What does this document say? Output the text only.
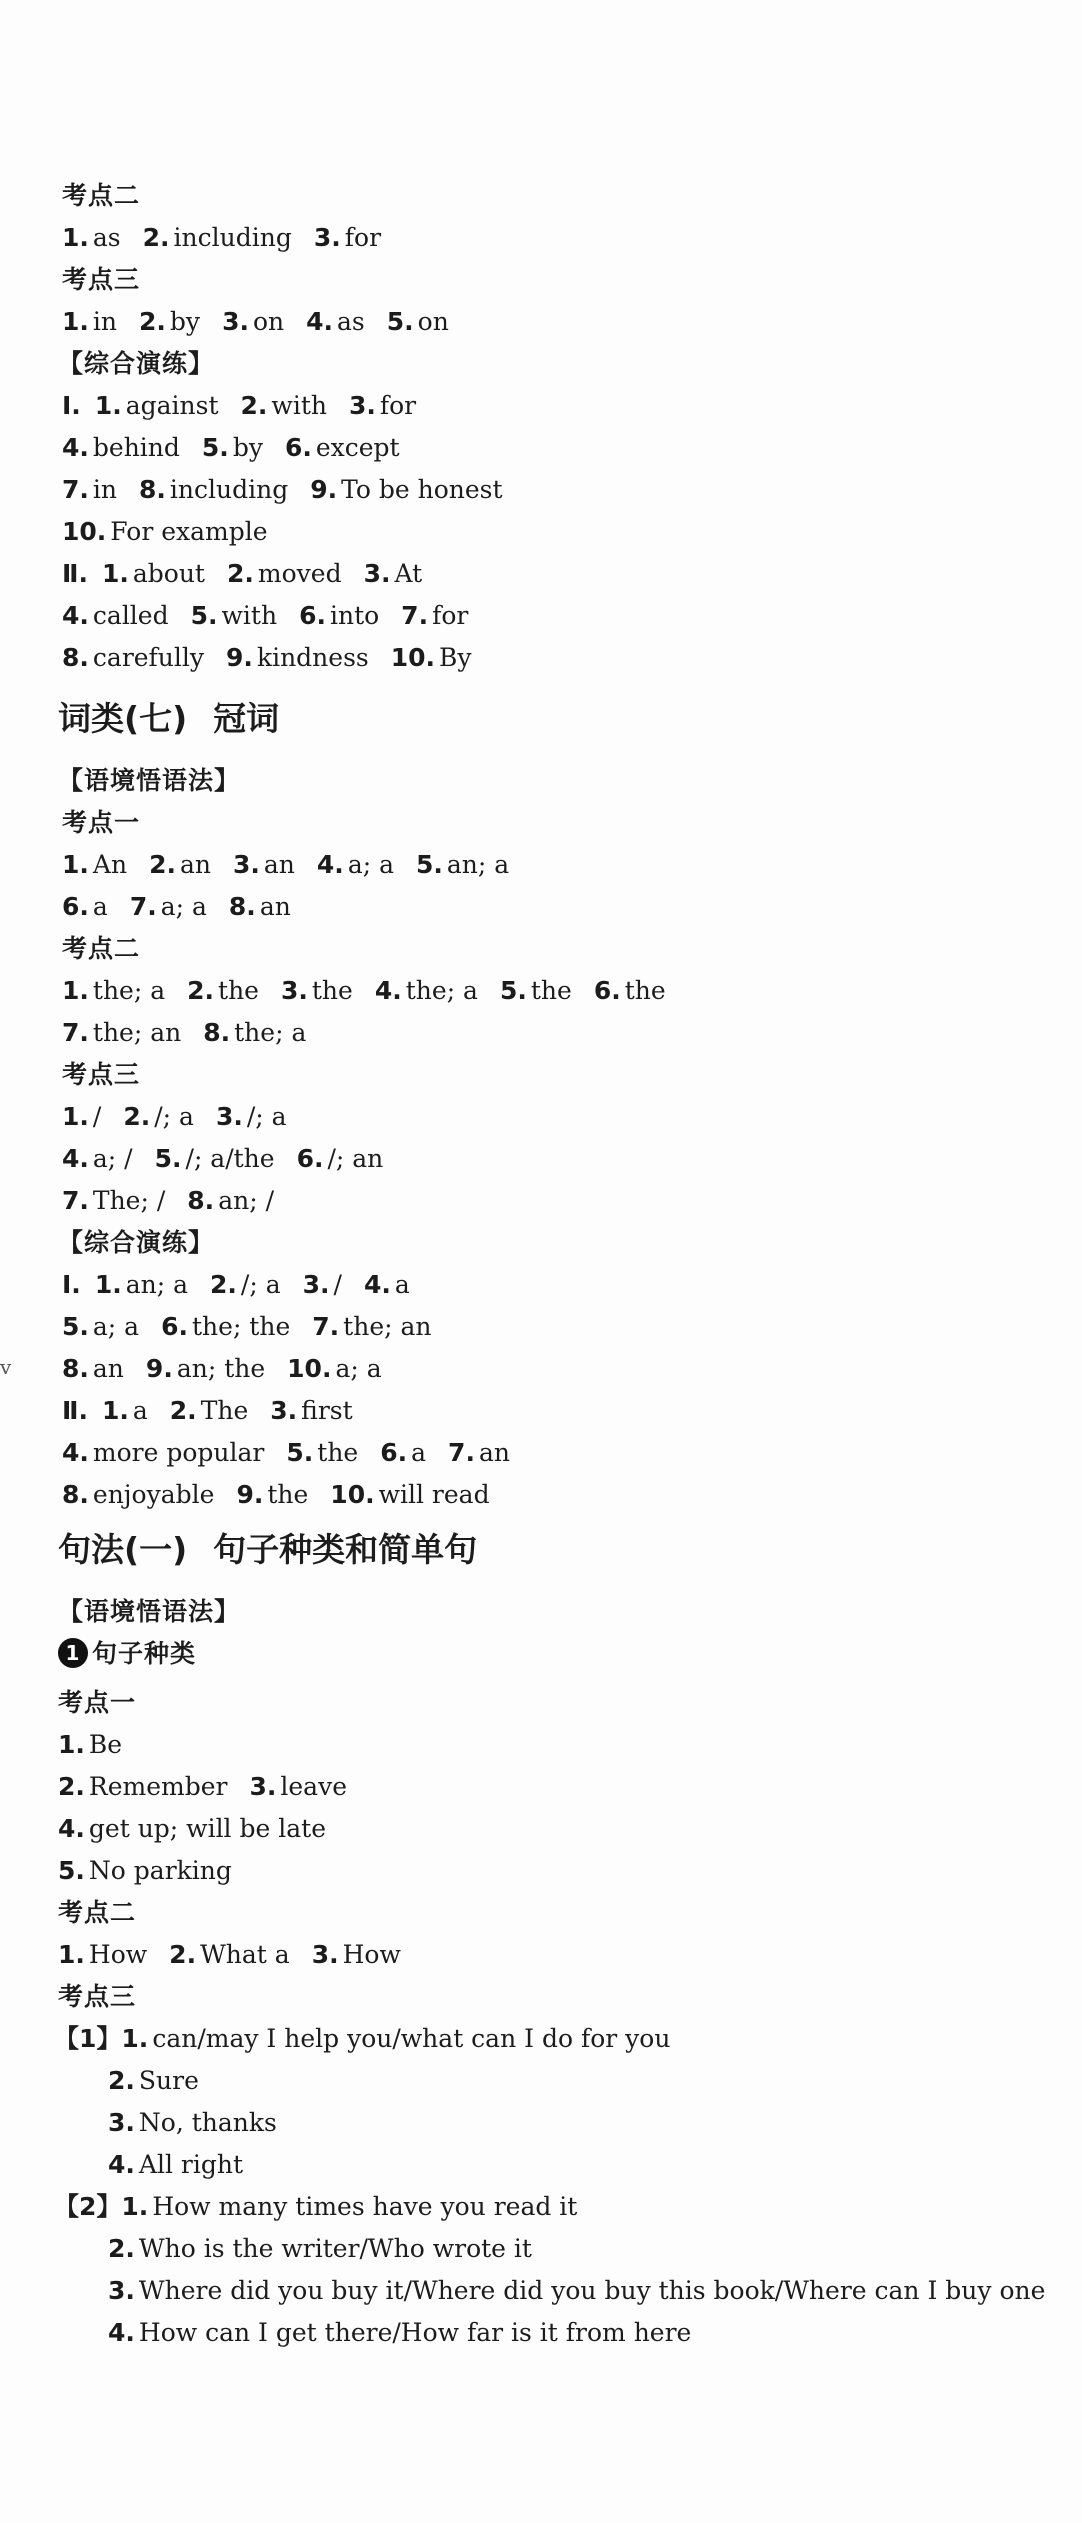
v
词类(七) 冠词
句法(一) 句子种类和简单句
考点二
1. as 2. including 3. for
考点三
1. in 2. by 3. on 4. as 5. on
【综合演练】
Ⅰ. 1. against 2. with 3. for
4. behind 5. by 6. except
7. in 8. including 9. To be honest
10. For example
Ⅱ. 1. about 2. moved 3. At
4. called 5. with 6. into 7. for
8. carefully 9. kindness 10. By
【语境悟语法】
考点一
1. An 2. an 3. an 4. a; a 5. an; a
6. a 7. a; a 8. an
考点二
1. the; a 2. the 3. the 4. the; a 5. the 6. the
7. the; an 8. the; a
考点三
1. / 2. /; a 3. /; a
4. a; / 5. /; a/the 6. /; an
7. The; / 8. an; /
【综合演练】
Ⅰ. 1. an; a 2. /; a 3. / 4. a
5. a; a 6. the; the 7. the; an
8. an 9. an; the 10. a; a
Ⅱ. 1. a 2. The 3. first
4. more popular 5. the 6. a 7. an
8. enjoyable 9. the 10. will read
【语境悟语法】
1 句子种类
考点一
1. Be
2. Remember 3. leave
4. get up; will be late
5. No parking
考点二
1. How 2. What a 3. How
考点三
【1】1. can/may I help you/what can I do for you
2. Sure
3. No, thanks
4. All right
【2】1. How many times have you read it
2. Who is the writer/Who wrote it
3. Where did you buy it/Where did you buy this book/Where can I buy one
4. How can I get there/How far is it from here
